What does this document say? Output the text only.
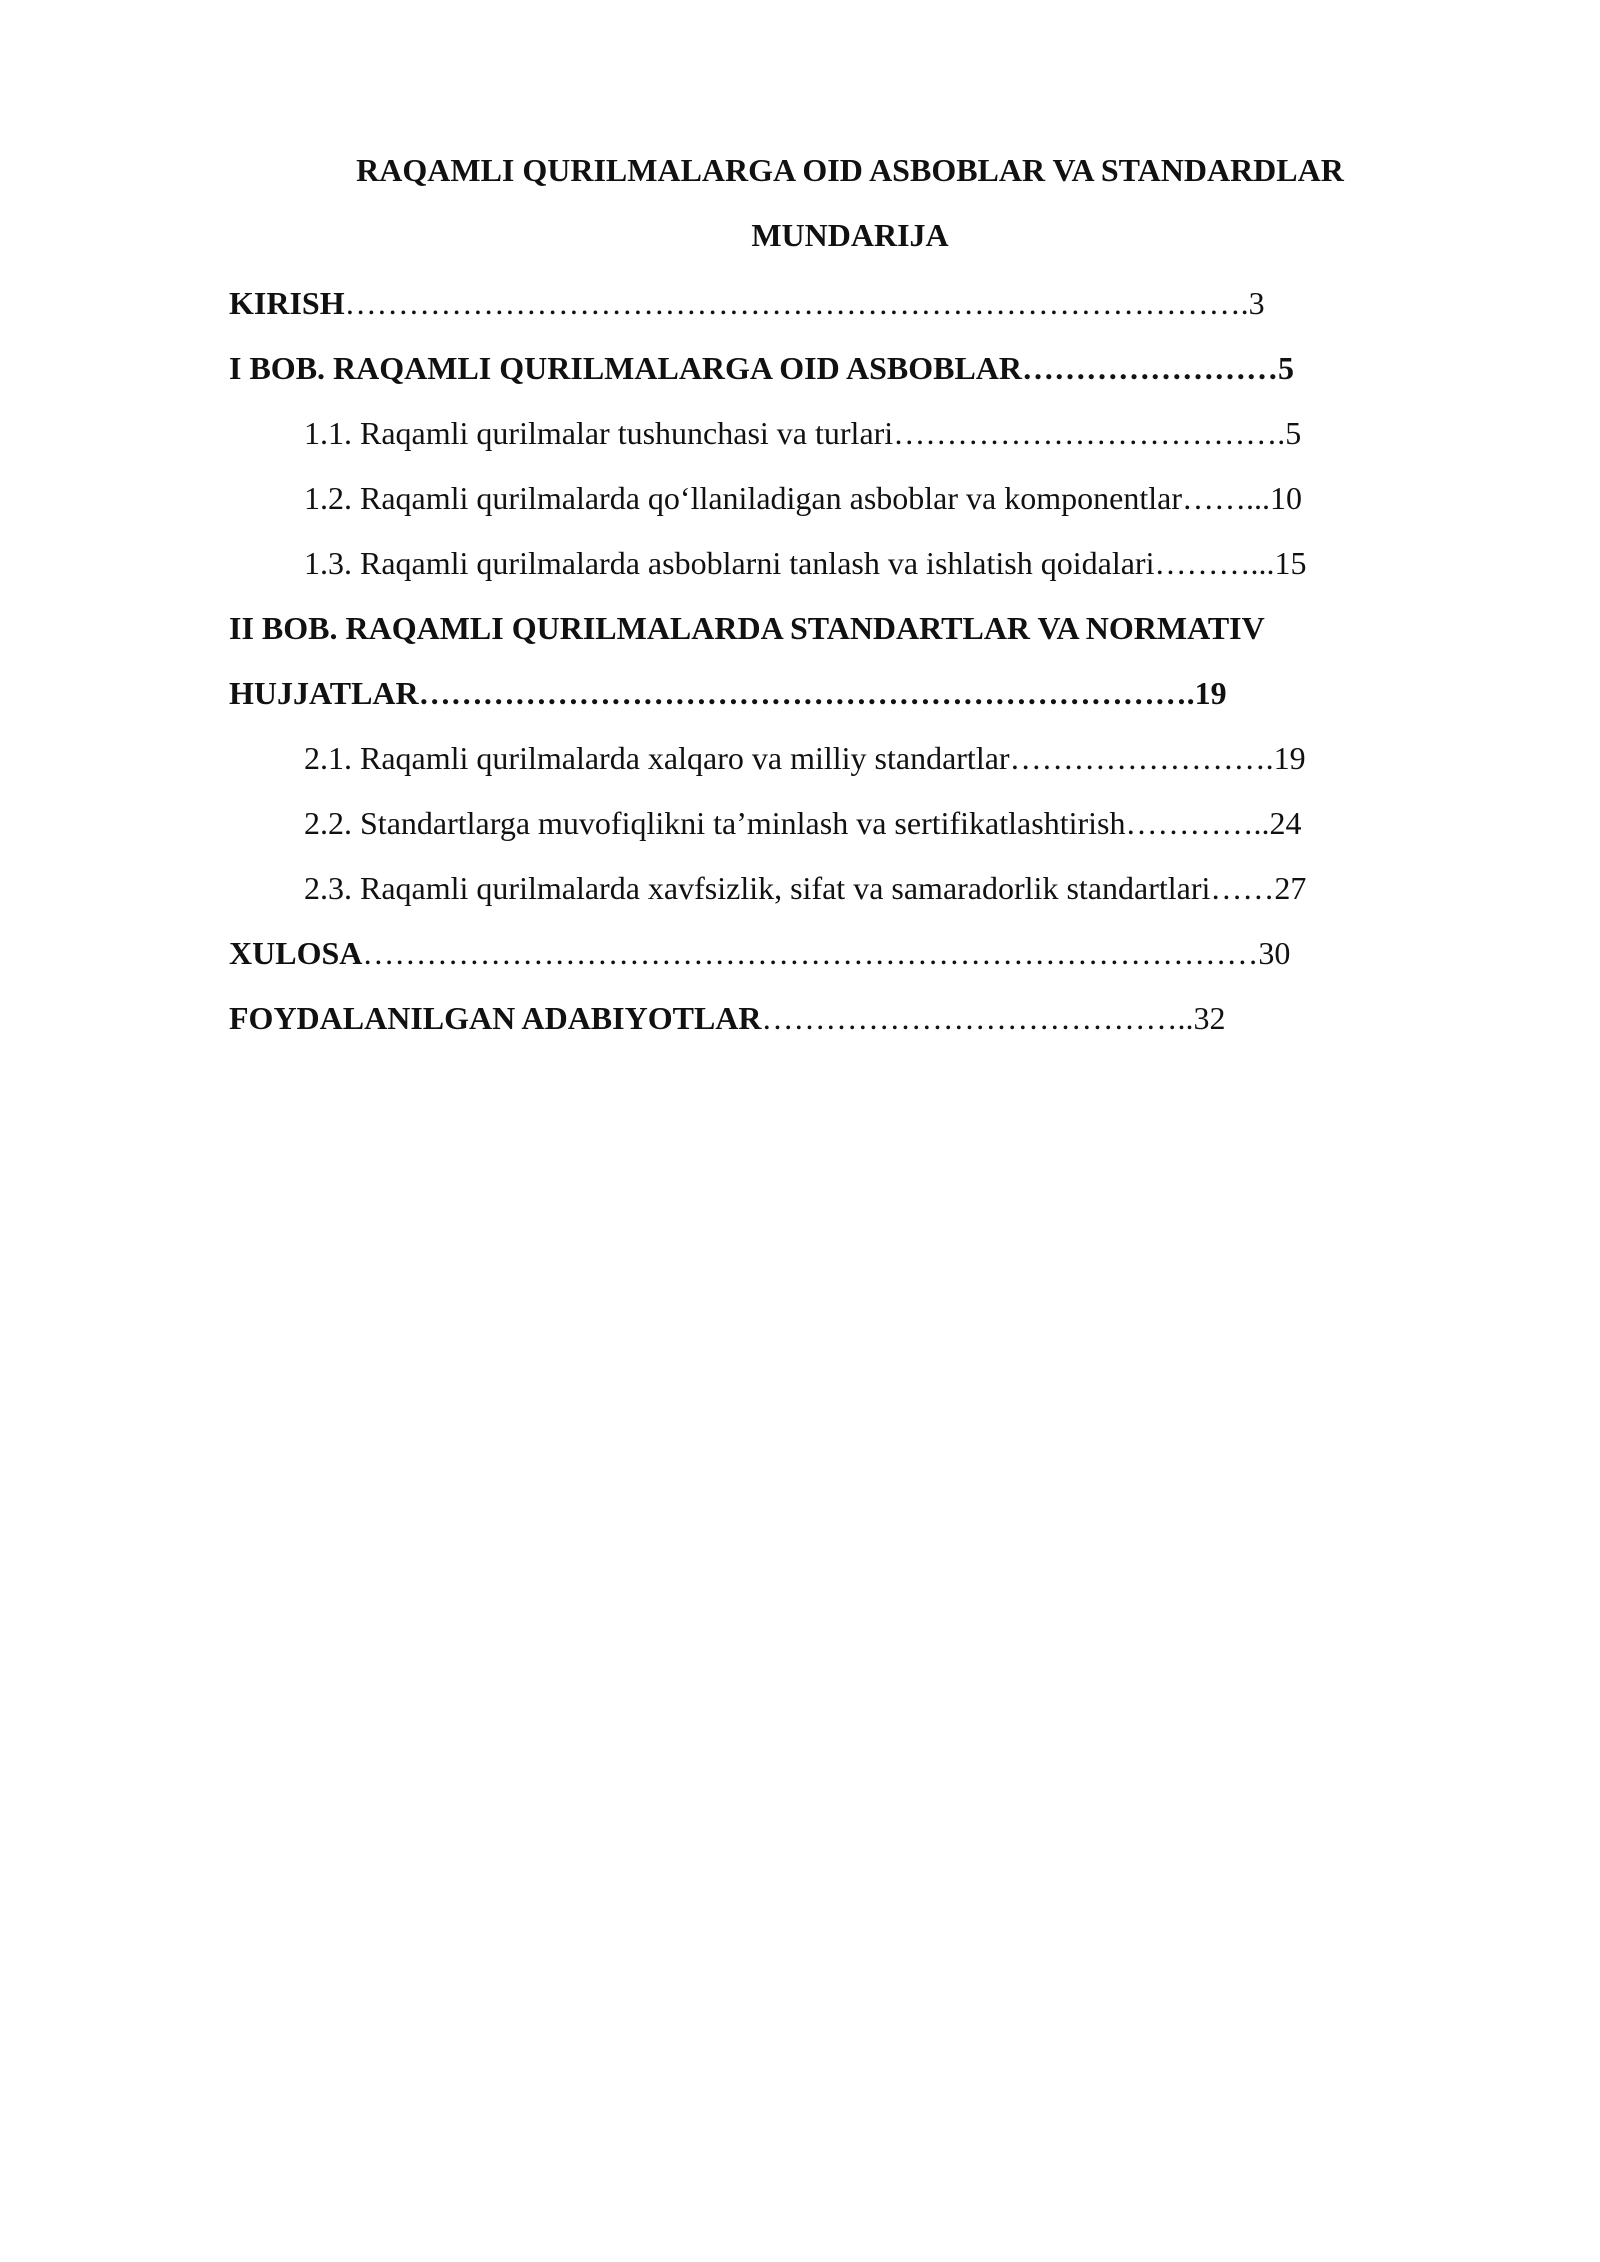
RAQAMLI QURILMALARGA OID ASBOBLAR VA STANDARDLAR
MUNDARIJA
KIRISH………………………………………………………………………….3
I BOB. RAQAMLI QURILMALARGA OID ASBOBLAR……………………5
1.1. Raqamli qurilmalar tushunchasi va turlari……………………………….5
1.2. Raqamli qurilmalarda qo‘llaniladigan asboblar va komponentlar……...10
1.3. Raqamli qurilmalarda asboblarni tanlash va ishlatish qoidalari………...15
II BOB. RAQAMLI QURILMALARDA STANDARTLAR VA NORMATIV
HUJJATLAR……………………………………………………………….19
2.1. Raqamli qurilmalarda xalqaro va milliy standartlar…………………….19
2.2. Standartlarga muvofiqlikni ta’minlash va sertifikatlashtirish…………..24
2.3. Raqamli qurilmalarda xavfsizlik, sifat va samaradorlik standartlari……27
XULOSA…………………………………………………………………………30
FOYDALANILGAN ADABIYOTLAR…………………………………..32
